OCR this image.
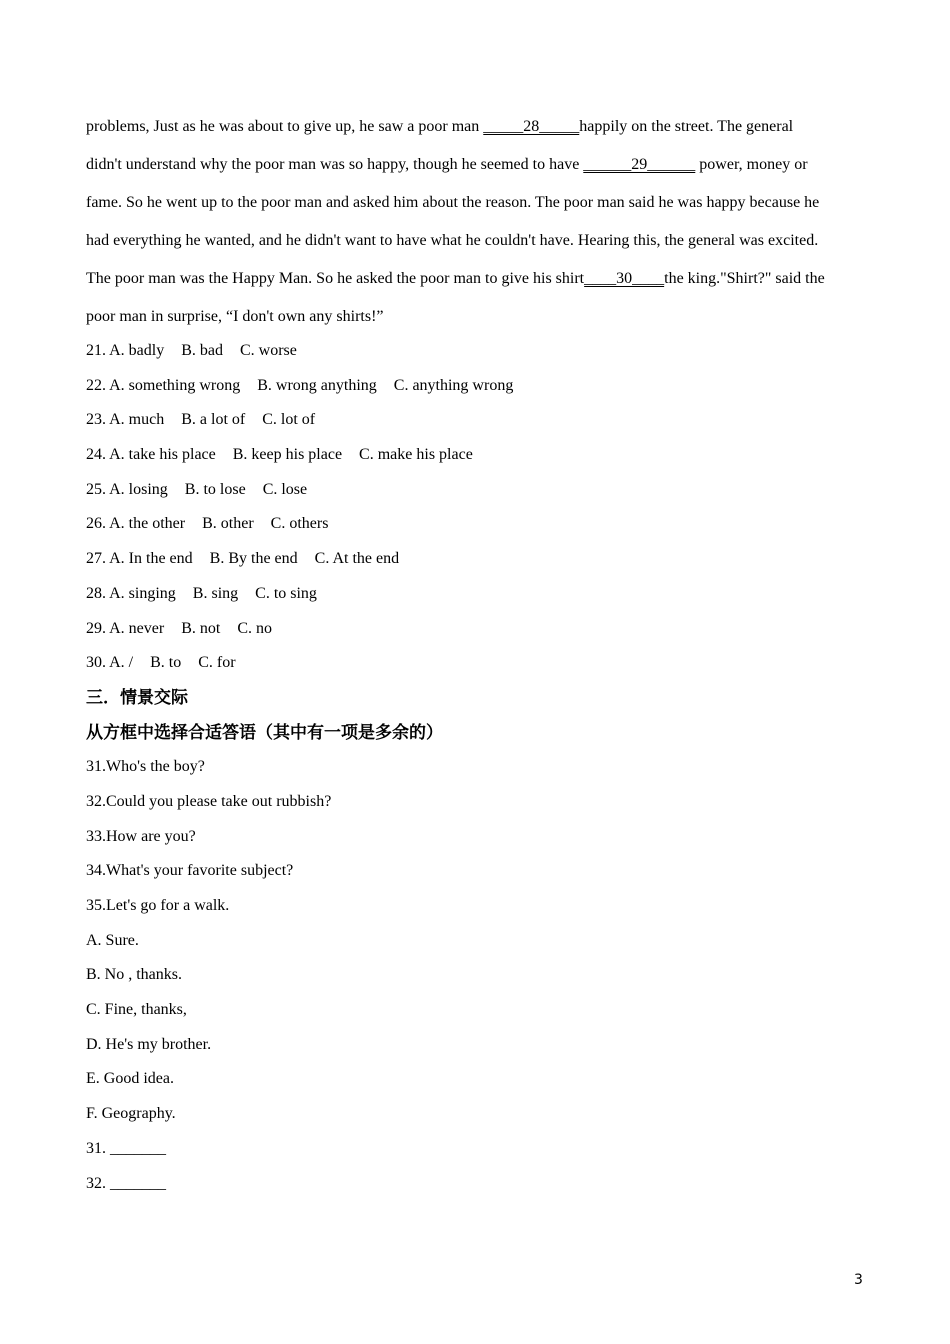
problems, Just as he was about to give up, he saw a poor man _____28_____happily on the street. The general
didn't understand why the poor man was so happy, though he seemed to have ______29______ power, money or
fame. So he went up to the poor man and asked him about the reason. The poor man said he was happy because he
had everything he wanted, and he didn't want to have what he couldn't have. Hearing this, the general was excited.
The poor man was the Happy Man. So he asked the poor man to give his shirt____30____the king."Shirt?" said the
poor man in surprise, “I don't own any shirts!”
21. A. badly B. bad C. worse
22. A. something wrong B. wrong anything C. anything wrong
23. A. much B. a lot of C. lot of
24. A. take his place B. keep his place C. make his place
25. A. losing B. to lose C. lose
26. A. the other B. other C. others
27. A. In the end B. By the end C. At the end
28. A. singing B. sing C. to sing
29. A. never B. not C. no
30. A. / B. to C. for
三．情景交际
从方框中选择合适答语（其中有一项是多余的）
31.Who's the boy?
32.Could you please take out rubbish?
33.How are you?
34.What's your favorite subject?
35.Let's go for a walk.
A. Sure.
B. No , thanks.
C. Fine, thanks,
D. He's my brother.
E. Good idea.
F. Geography.
31. _______
32. _______
3
